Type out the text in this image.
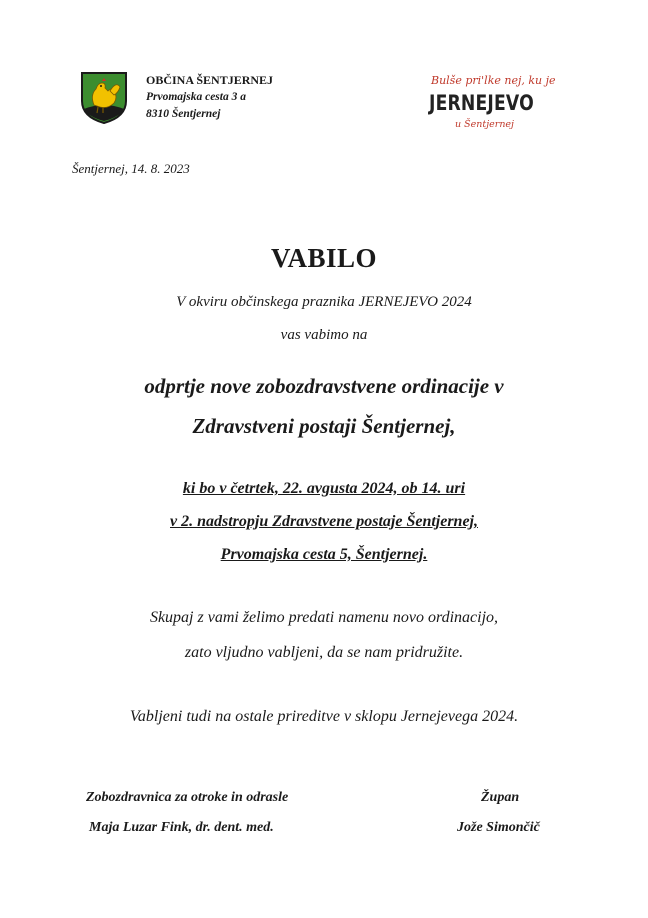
OBČINA ŠENTJERNEJ
Prvomajska cesta 3 a
8310 Šentjernej
Bulše pri'lke nej, ku je
JERNEJEVO
u Šentjernej
Šentjernej, 14. 8. 2023
VABILO
V okviru občinskega praznika JERNEJEVO 2024
vas vabimo na
odprtje nove zobozdravstvene ordinacije v
Zdravstveni postaji Šentjernej,
ki bo v četrtek, 22. avgusta 2024, ob 14. uri
v 2. nadstropju Zdravstvene postaje Šentjernej,
Prvomajska cesta 5, Šentjernej.
Skupaj z vami želimo predati namenu novo ordinacijo,
zato vljudno vabljeni, da se nam pridružite.
Vabljeni tudi na ostale prireditve v sklopu Jernejevega 2024.
Zobozdravnica za otroke in odrasle
Maja Luzar Fink, dr. dent. med.
Župan
Jože Simončič
